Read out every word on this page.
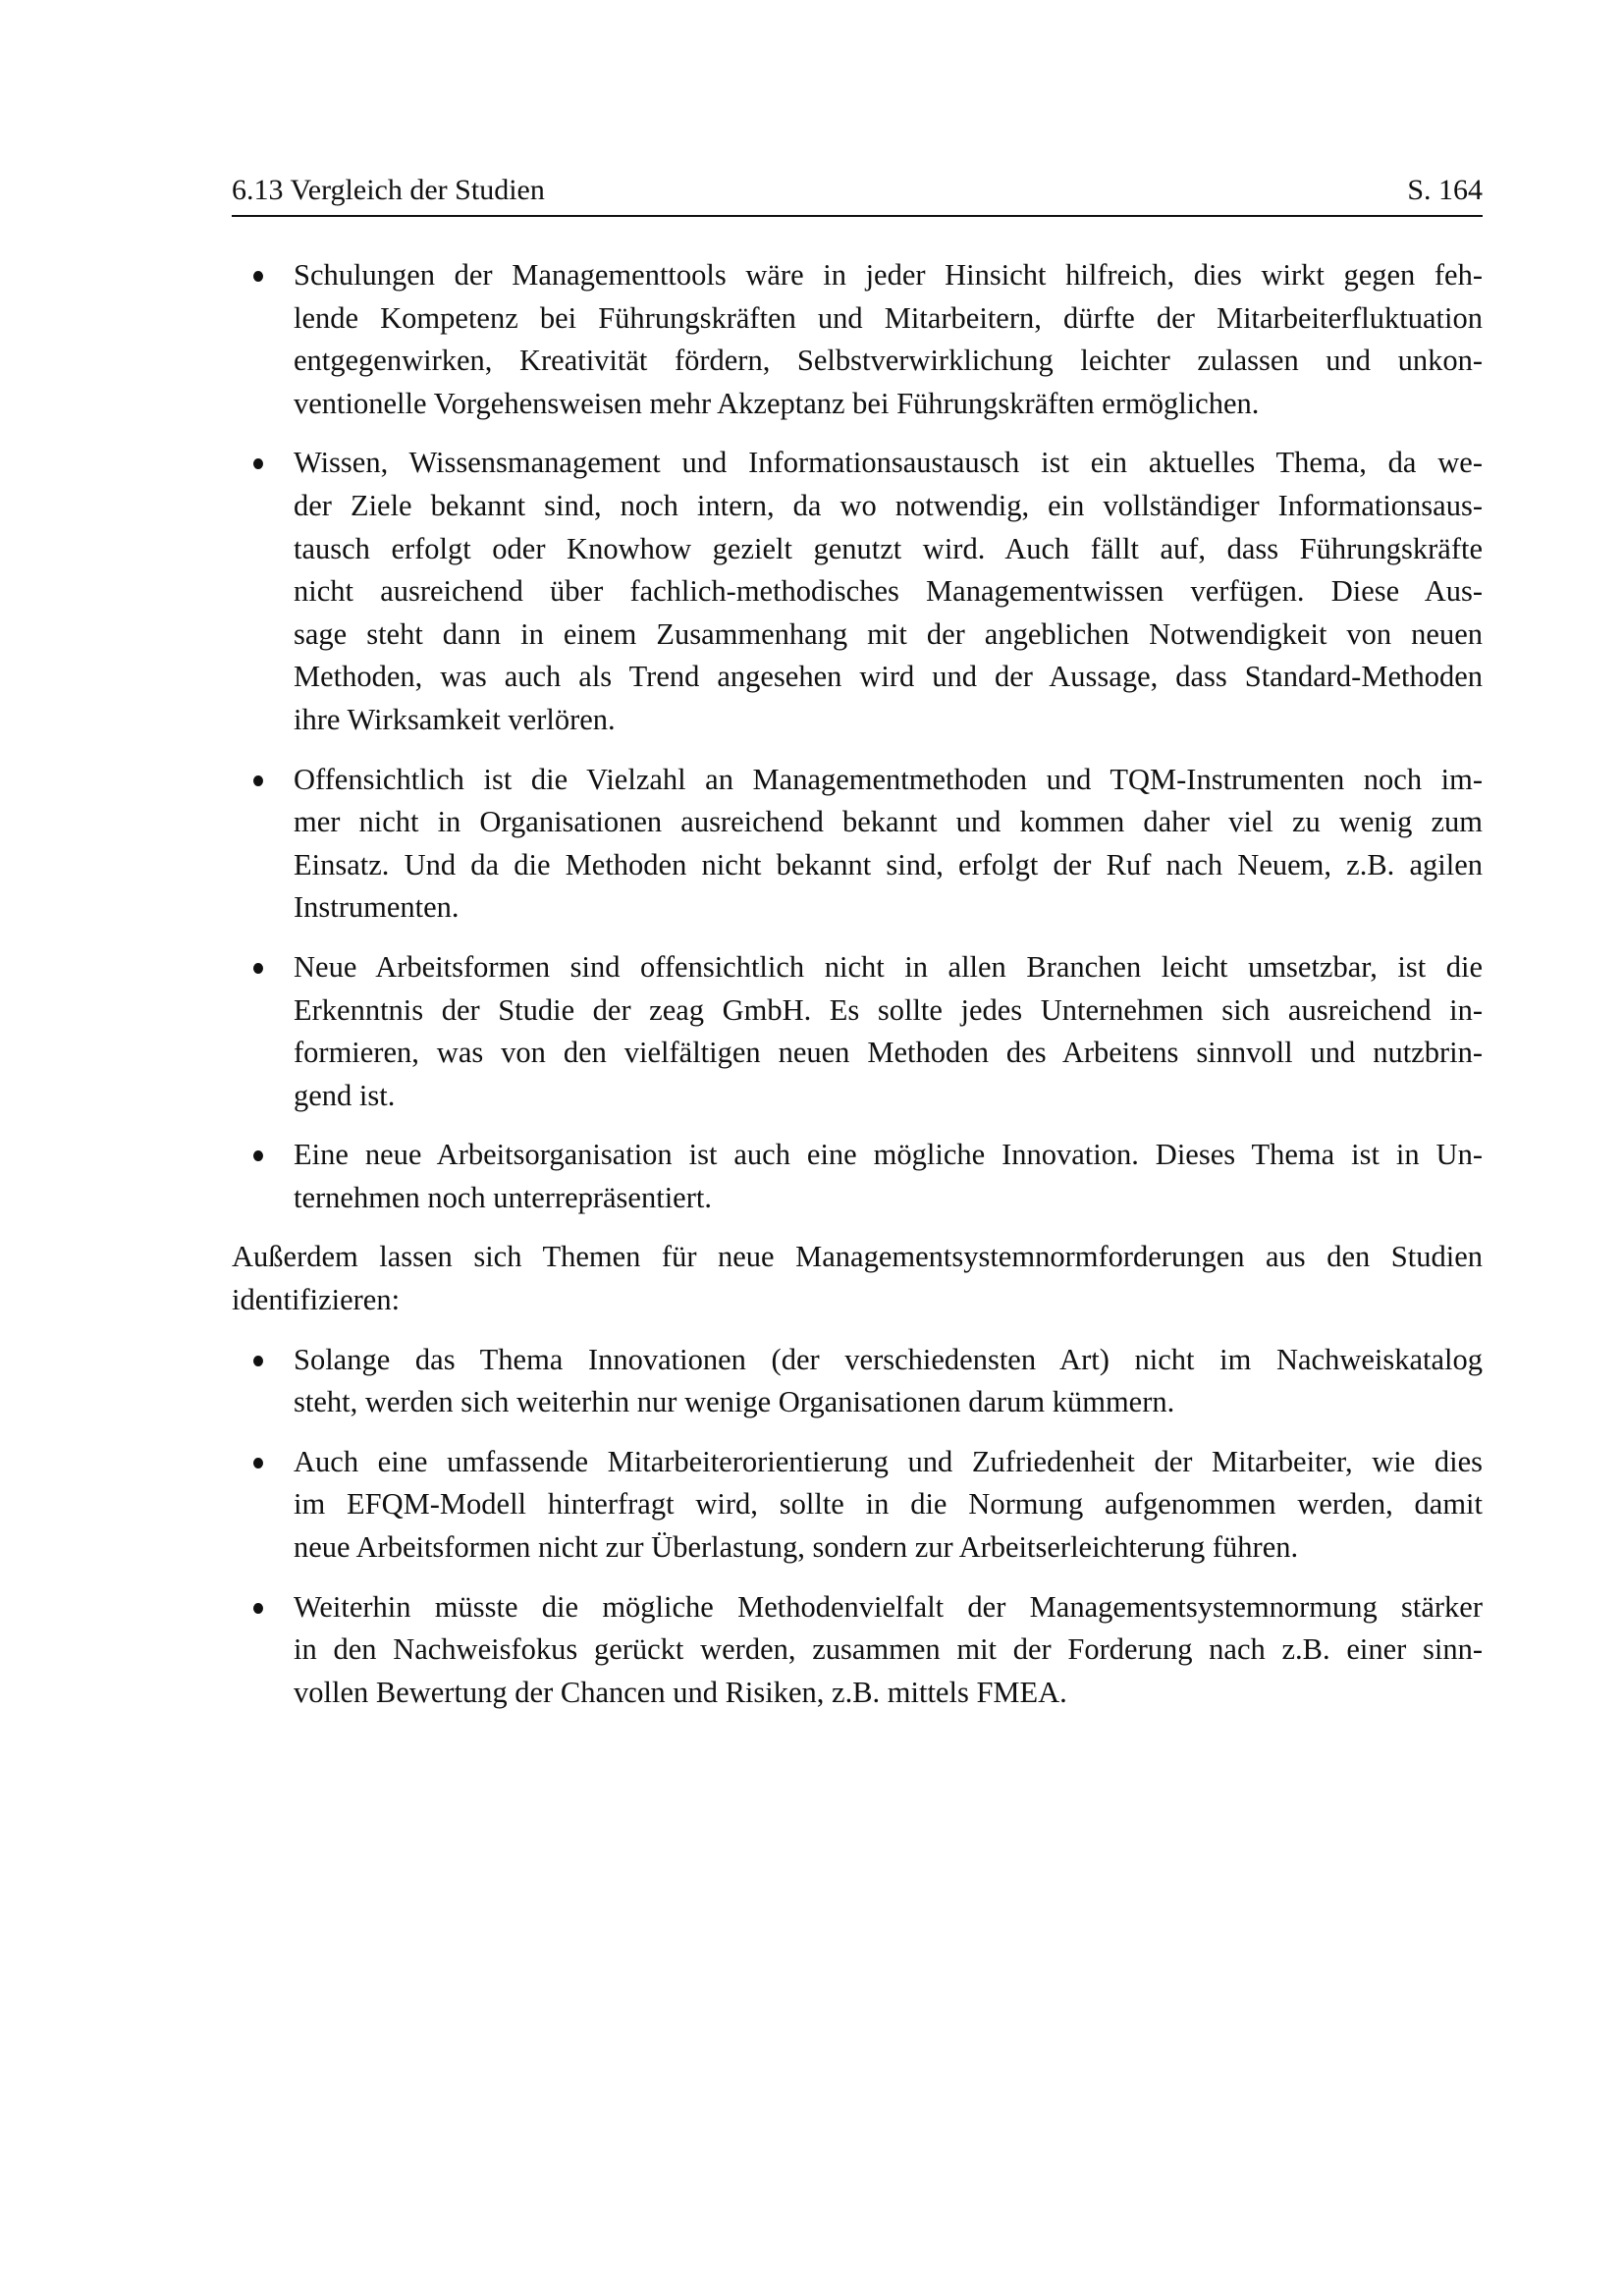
6.13 Vergleich der Studien	S. 164
Schulungen der Managementtools wäre in jeder Hinsicht hilfreich, dies wirkt gegen feh-
lende Kompetenz bei Führungskräften und Mitarbeitern, dürfte der Mitarbeiterfluktuation
entgegenwirken, Kreativität fördern, Selbstverwirklichung leichter zulassen und unkon-
ventionelle Vorgehensweisen mehr Akzeptanz bei Führungskräften ermöglichen.
Wissen, Wissensmanagement und Informationsaustausch ist ein aktuelles Thema, da we-
der Ziele bekannt sind, noch intern, da wo notwendig, ein vollständiger Informationsaus-
tausch erfolgt oder Knowhow gezielt genutzt wird. Auch fällt auf, dass Führungskräfte
nicht ausreichend über fachlich-methodisches Managementwissen verfügen. Diese Aus-
sage steht dann in einem Zusammenhang mit der angeblichen Notwendigkeit von neuen
Methoden, was auch als Trend angesehen wird und der Aussage, dass Standard-Methoden
ihre Wirksamkeit verlören.
Offensichtlich ist die Vielzahl an Managementmethoden und TQM-Instrumenten noch im-
mer nicht in Organisationen ausreichend bekannt und kommen daher viel zu wenig zum
Einsatz. Und da die Methoden nicht bekannt sind, erfolgt der Ruf nach Neuem, z.B. agilen
Instrumenten.
Neue Arbeitsformen sind offensichtlich nicht in allen Branchen leicht umsetzbar, ist die
Erkenntnis der Studie der zeag GmbH. Es sollte jedes Unternehmen sich ausreichend in-
formieren, was von den vielfältigen neuen Methoden des Arbeitens sinnvoll und nutzbrin-
gend ist.
Eine neue Arbeitsorganisation ist auch eine mögliche Innovation. Dieses Thema ist in Un-
ternehmen noch unterrepräsentiert.
Außerdem lassen sich Themen für neue Managementsystemnormforderungen aus den Studien
identifizieren:
Solange das Thema Innovationen (der verschiedensten Art) nicht im Nachweiskatalog
steht, werden sich weiterhin nur wenige Organisationen darum kümmern.
Auch eine umfassende Mitarbeiterorientierung und Zufriedenheit der Mitarbeiter, wie dies
im EFQM-Modell hinterfragt wird, sollte in die Normung aufgenommen werden, damit
neue Arbeitsformen nicht zur Überlastung, sondern zur Arbeitserleichterung führen.
Weiterhin müsste die mögliche Methodenvielfalt der Managementsystemnormung stärker
in den Nachweisfokus gerückt werden, zusammen mit der Forderung nach z.B. einer sinn-
vollen Bewertung der Chancen und Risiken, z.B. mittels FMEA.
